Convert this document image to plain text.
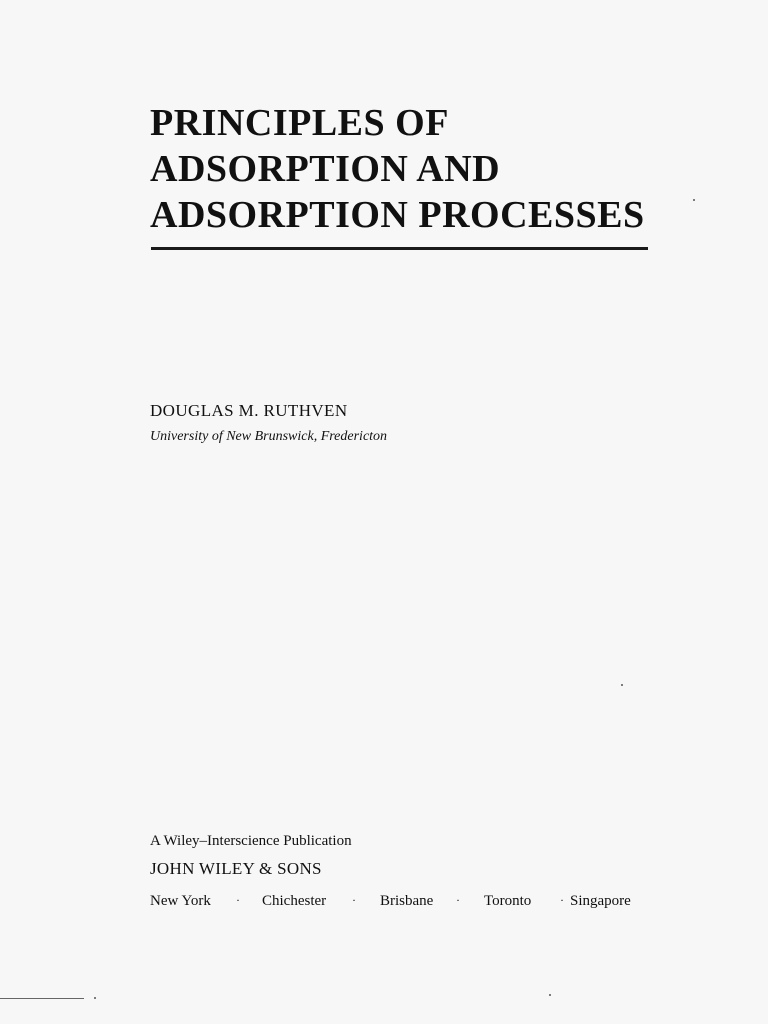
PRINCIPLES OF
ADSORPTION AND
ADSORPTION PROCESSES
DOUGLAS M. RUTHVEN
University of New Brunswick, Fredericton
A Wiley–Interscience Publication
JOHN WILEY & SONS
New York · Chichester · Brisbane · Toronto · Singapore
